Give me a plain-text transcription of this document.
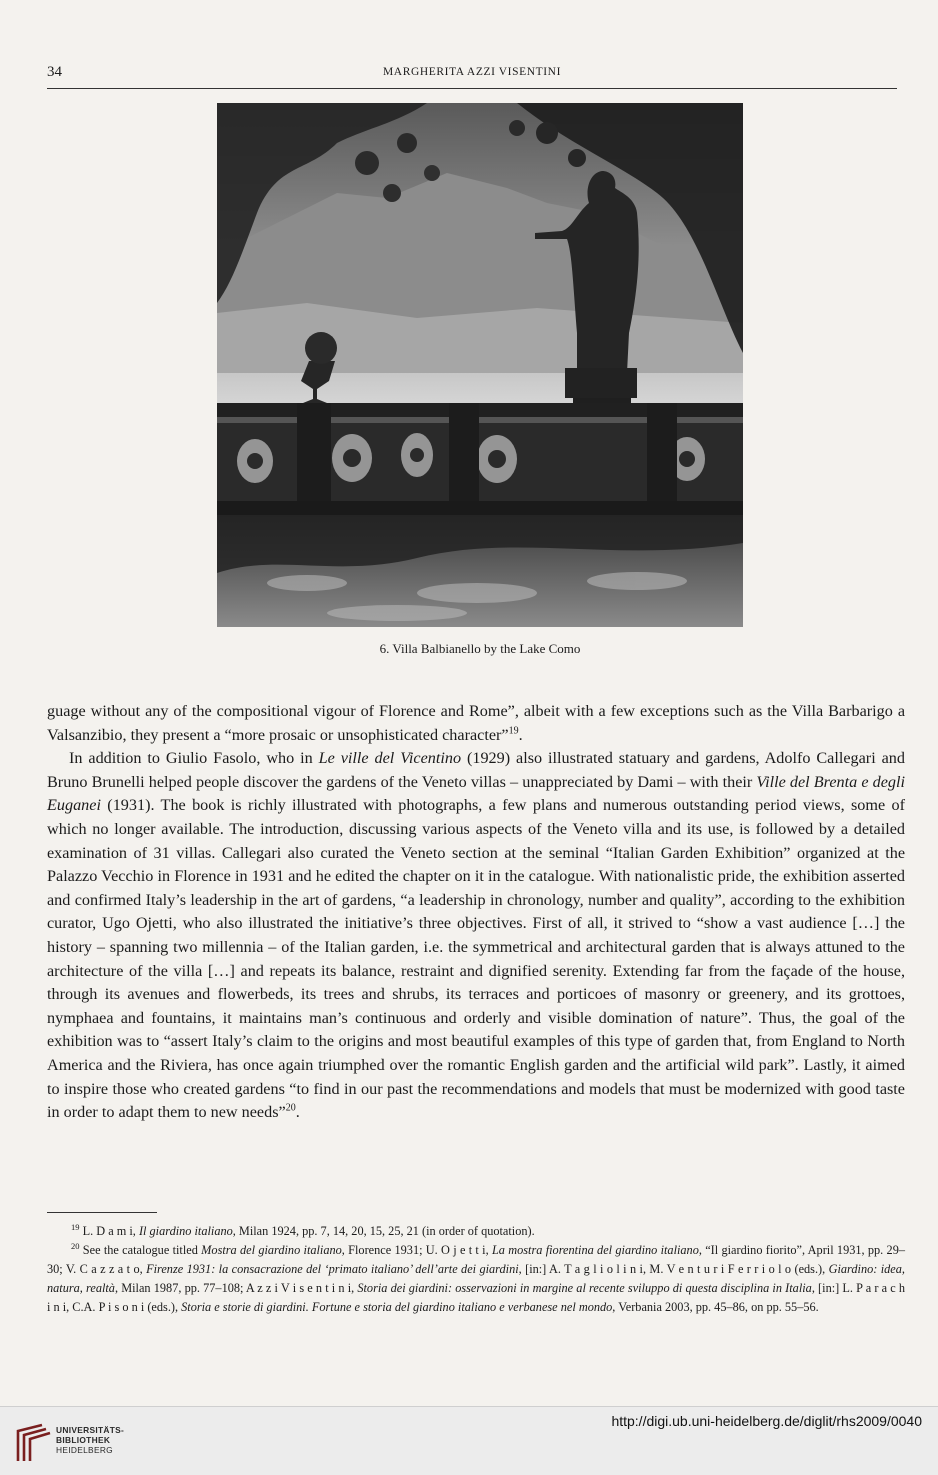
34	MARGHERITA AZZI VISENTINI
6. Villa Balbianello by the Lake Como

guage without any of the compositional vigour of Florence and Rome”, albeit with a few exceptions such as the Villa Barbarigo a Valsanzibio, they present a “more prosaic or unsophisticated character”$^{19}$.

In addition to Giulio Fasolo, who in Le ville del Vicentino (1929) also illustrated statuary and gardens, Adolfo Callegari and Bruno Brunelli helped people discover the gardens of the Veneto villas – unappreciated by Dami – with their Ville del Brenta e degli Euganei (1931). The book is richly illustrated with photographs, a few plans and numerous outstanding period views, some of which no longer available. The introduction, discussing various aspects of the Veneto villa and its use, is followed by a detailed examination of 31 villas. Callegari also curated the Veneto section at the seminal “Italian Garden Exhibition” organized at the Palazzo Vecchio in Florence in 1931 and he edited the chapter on it in the catalogue. With nationalistic pride, the exhibition asserted and confirmed Italy’s leadership in the art of gardens, “a leadership in chronology, number and quality”, according to the exhibition curator, Ugo Ojetti, who also illustrated the initiative’s three objectives. First of all, it strived to “show a vast audience […] the history – spanning two millennia – of the Italian garden, i.e. the symmetrical and architectural garden that is always attuned to the architecture of the villa […] and repeats its balance, restraint and dignified serenity. Extending far from the façade of the house, through its avenues and flowerbeds, its trees and shrubs, its terraces and porticoes of masonry or greenery, and its grottoes, nymphaea and fountains, it maintains man’s continuous and orderly and visible domination of nature”. Thus, the goal of the exhibition was to “assert Italy’s claim to the origins and most beautiful examples of this type of garden that, from England to North America and the Riviera, has once again triumphed over the romantic English garden and the artificial wild park”. Lastly, it aimed to inspire those who created gardens “to find in our past the recommendations and models that must be modernized with good taste in order to adapt them to new needs”$^{20}$.

$^{19}$ L. D a m i, Il giardino italiano, Milan 1924, pp. 7, 14, 20, 15, 25, 21 (in order of quotation).

$^{20}$ See the catalogue titled Mostra del giardino italiano, Florence 1931; U. O j e t t i, La mostra fiorentina del giardino italiano, “Il giardino fiorito”, April 1931, pp. 29–30; V. C a z z a t o, Firenze 1931: la consacrazione del ‘primato italiano’ dell’arte dei giardini, [in:] A. T a g l i o l i n i, M. V e n t u r i F e r r i o l o (eds.), Giardino: idea, natura, realtà, Milan 1987, pp. 77–108; A z z i V i s e n t i n i, Storia dei giardini: osservazioni in margine al recente sviluppo di questa disciplina in Italia, [in:] L. P a r a c h i n i, C.A. P i s o n i (eds.), Storia e storie di giardini. Fortune e storia del giardino italiano e verbanese nel mondo, Verbania 2003, pp. 45–86, on pp. 55–56.

UNIVERSITÄTS-
BIBLIOTHEK
HEIDELBERG
http://digi.ub.uni-heidelberg.de/diglit/rhs2009/0040
